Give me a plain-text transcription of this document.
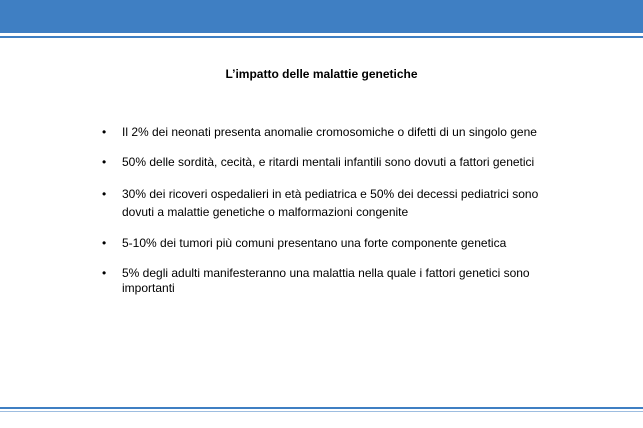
L’impatto delle malattie genetiche
• Il 2% dei neonati presenta anomalie cromosomiche o difetti di un singolo gene
• 50% delle sordità, cecità, e ritardi mentali infantili sono dovuti a fattori genetici
• 30% dei ricoveri ospedalieri in età pediatrica e 50% dei decessi pediatrici sono dovuti a malattie genetiche o malformazioni congenite
• 5-10% dei tumori più comuni presentano una forte componente genetica
• 5% degli adulti manifesteranno una malattia nella quale i fattori genetici sono importanti
